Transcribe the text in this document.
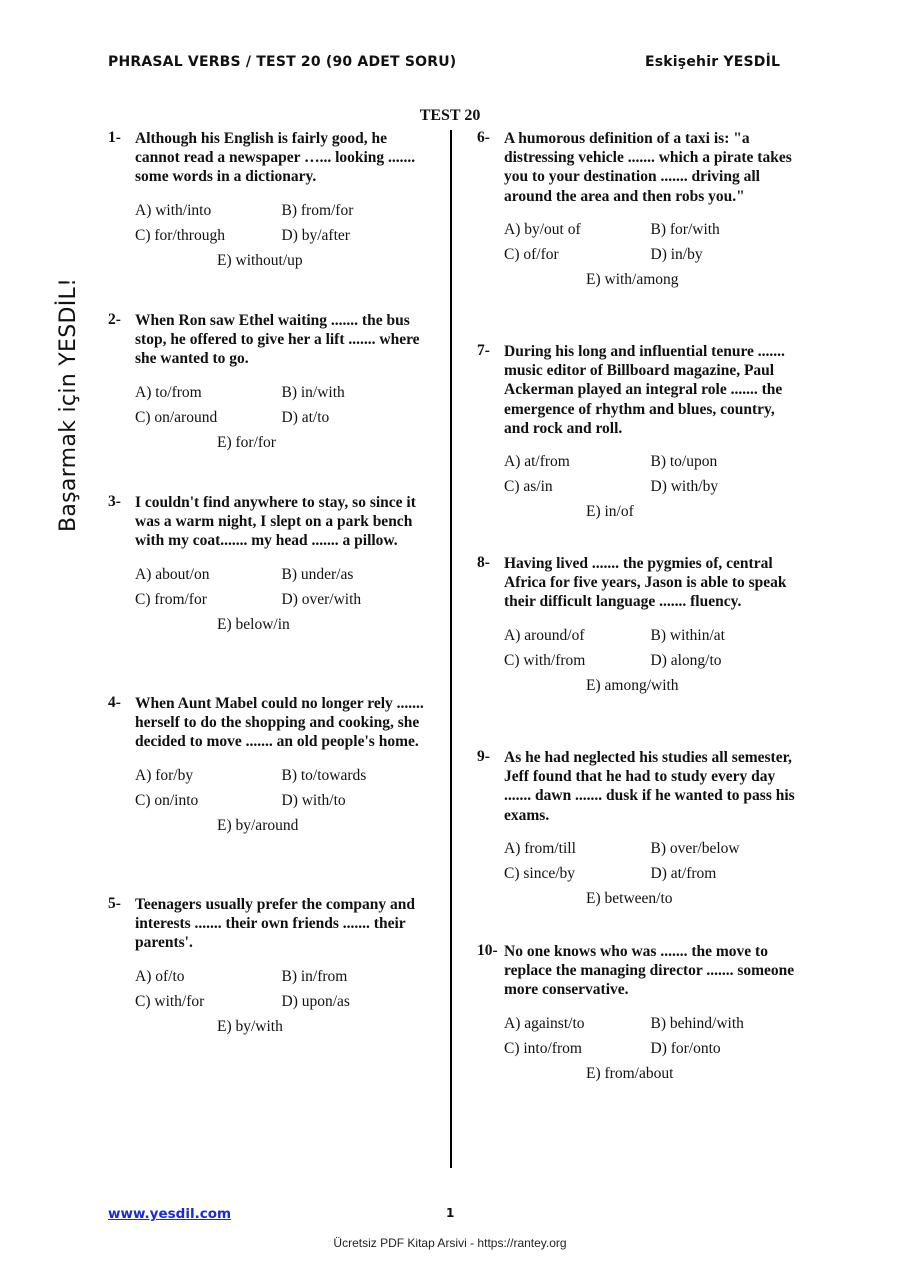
PHRASAL VERBS / TEST 20 (90 ADET SORU)	Eskişehir YESDİL
TEST 20
Başarmak için YESDİL!
1- Although his English is fairly good, he cannot read a newspaper …... looking ....... some words in a dictionary.
A) with/into	B) from/for
C) for/through	D) by/after
E) without/up
2- When Ron saw Ethel waiting ....... the bus stop, he offered to give her a lift ....... where she wanted to go.
A) to/from	B) in/with
C) on/around	D) at/to
E) for/for
3- I couldn't find anywhere to stay, so since it was a warm night, I slept on a park bench with my coat....... my head ....... a pillow.
A) about/on	B) under/as
C) from/for	D) over/with
E) below/in
4- When Aunt Mabel could no longer rely ....... herself to do the shopping and cooking, she decided to move ....... an old people's home.
A) for/by	B) to/towards
C) on/into	D) with/to
E) by/around
5- Teenagers usually prefer the company and interests ....... their own friends ....... their parents'.
A) of/to	B) in/from
C) with/for	D) upon/as
E) by/with
6- A humorous definition of a taxi is: "a distressing vehicle ....... which a pirate takes you to your destination ....... driving all around the area and then robs you."
A) by/out of	B) for/with
C) of/for	D) in/by
E) with/among
7- During his long and influential tenure ....... music editor of Billboard magazine, Paul Ackerman played an integral role ....... the emergence of rhythm and blues, country, and rock and roll.
A) at/from	B) to/upon
C) as/in	D) with/by
E) in/of
8- Having lived ....... the pygmies of, central Africa for five years, Jason is able to speak their difficult language ....... fluency.
A) around/of	B) within/at
C) with/from	D) along/to
E) among/with
9- As he had neglected his studies all semester, Jeff found that he had to study every day ....... dawn ....... dusk if he wanted to pass his exams.
A) from/till	B) over/below
C) since/by	D) at/from
E) between/to
10- No one knows who was ....... the move to replace the managing director ....... someone more conservative.
A) against/to	B) behind/with
C) into/from	D) for/onto
E) from/about
www.yesdil.com	1
Ücretsiz PDF Kitap Arsivi - https://rantey.org
